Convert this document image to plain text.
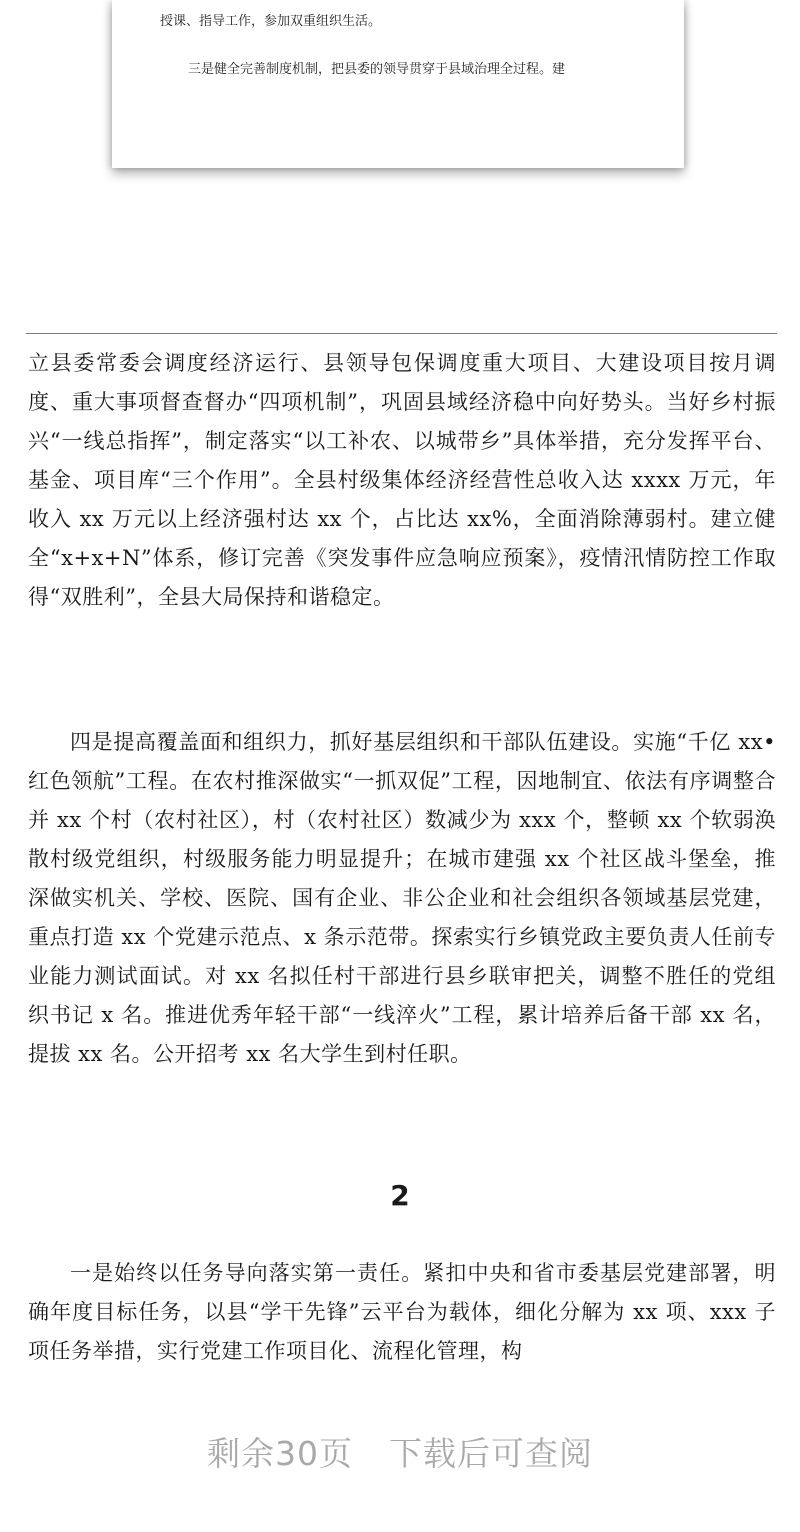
授课、指导工作，参加双重组织生活。
三是健全完善制度机制，把县委的领导贯穿于县域治理全过程。建

立县委常委会调度经济运行、县领导包保调度重大项目、大建设项目按月调度、重大事项督查督办“四项机制”，巩固县域经济稳中向好势头。当好乡村振兴“一线总指挥”，制定落实“以工补农、以城带乡”具体举措，充分发挥平台、基金、项目库“三个作用”。全县村级集体经济经营性总收入达 xxxx 万元，年收入 xx 万元以上经济强村达 xx 个，占比达 xx%，全面消除薄弱村。建立健全“x+x+N”体系，修订完善《突发事件应急响应预案》，疫情汛情防控工作取得“双胜利”，全县大局保持和谐稳定。

四是提高覆盖面和组织力，抓好基层组织和干部队伍建设。实施“千亿 xx•红色领航”工程。在农村推深做实“一抓双促”工程，因地制宜、依法有序调整合并 xx 个村（农村社区），村（农村社区）数减少为 xxx 个，整顿 xx 个软弱涣散村级党组织，村级服务能力明显提升；在城市建强 xx 个社区战斗堡垒，推深做实机关、学校、医院、国有企业、非公企业和社会组织各领域基层党建，重点打造 xx 个党建示范点、x 条示范带。探索实行乡镇党政主要负责人任前专业能力测试面试。对 xx 名拟任村干部进行县乡联审把关，调整不胜任的党组织书记 x 名。推进优秀年轻干部“一线淬火”工程，累计培养后备干部 xx 名，提拔 xx 名。公开招考 xx 名大学生到村任职。

2

一是始终以任务导向落实第一责任。紧扣中央和省市委基层党建部署，明确年度目标任务，以县“学干先锋”云平台为载体，细化分解为 xx 项、xxx 子项任务举措，实行党建工作项目化、流程化管理，构

剩余30页 下载后可查阅
